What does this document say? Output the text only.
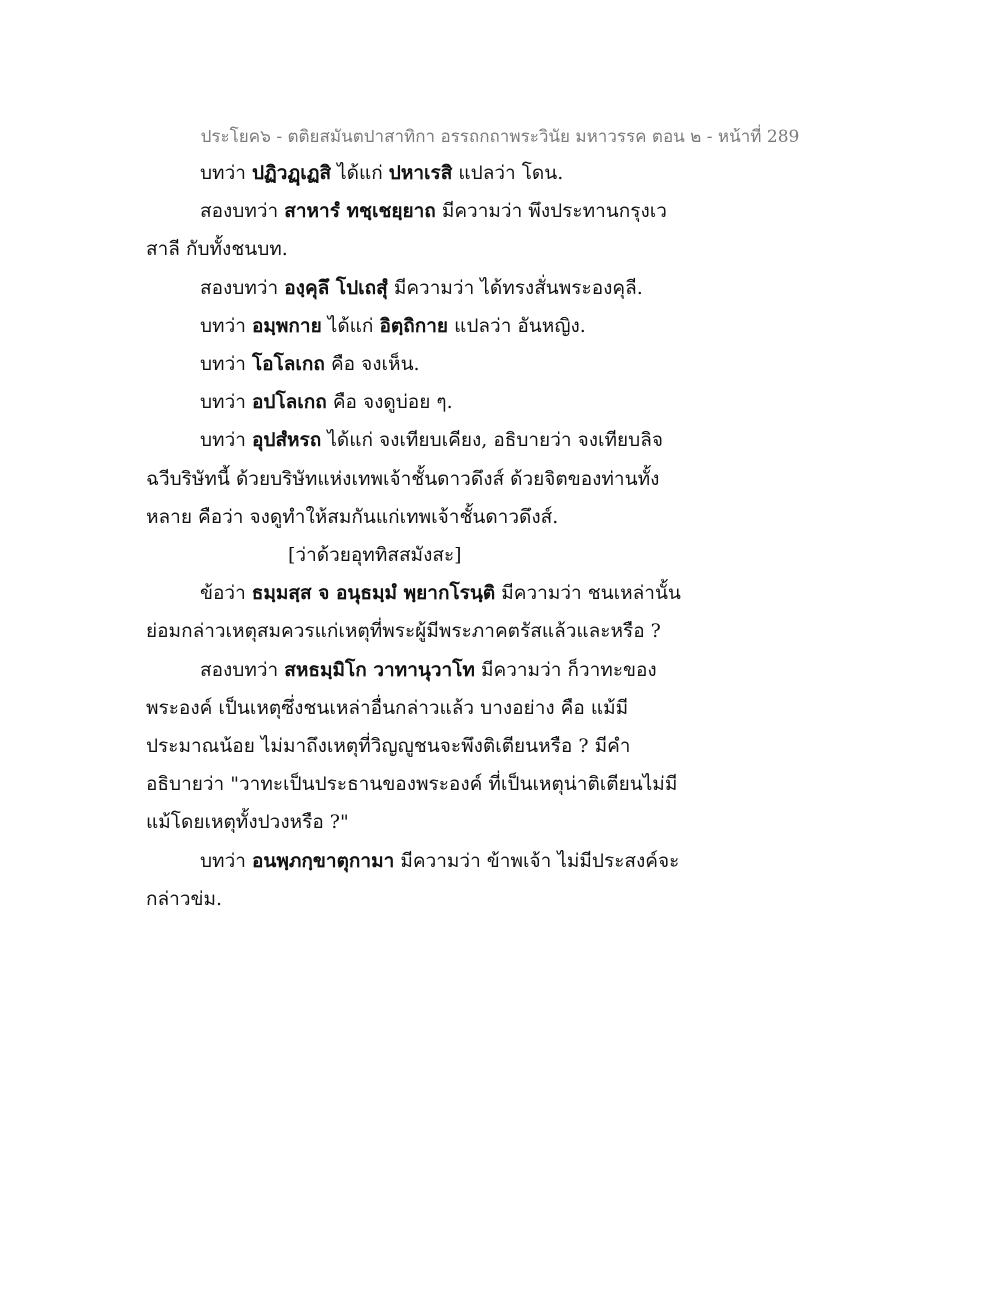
ประโยค๖ - ตติยสมันตปาสาทิกา อรรถกถาพระวินัย มหาวรรค ตอน ๒ - หน้าที่ 289

บทว่า ปฏิวฏฺเฏสิ ได้แก่ ปหาเรสิ แปลว่า โดน.

สองบทว่า สาหารํ ทชฺเชยฺยาถ มีความว่า พึงประทานกรุงเวสาลี กับทั้งชนบท.

สองบทว่า องฺคุลึ โปเถสุํ มีความว่า ได้ทรงสั่นพระองคุลี.

บทว่า อมฺพกาย ได้แก่ อิตฺถิกาย แปลว่า อันหญิง.

บทว่า โอโลเกถ คือ จงเห็น.

บทว่า อปโลเกถ คือ จงดูบ่อย ๆ.

บทว่า อุปสํหรถ ได้แก่ จงเทียบเคียง, อธิบายว่า จงเทียบลิจฉวีบริษัทนี้ ด้วยบริษัทแห่งเทพเจ้าชั้นดาวดึงส์ ด้วยจิตของท่านทั้งหลาย คือว่า จงดูทำให้สมกันแก่เทพเจ้าชั้นดาวดึงส์.

[ว่าด้วยอุททิสสมังสะ]

ข้อว่า ธมฺมสฺส จ อนุธมฺมํ พฺยากโรนฺติ มีความว่า ชนเหล่านั้น ย่อมกล่าวเหตุสมควรแก่เหตุที่พระผู้มีพระภาคตรัสแล้วและหรือ ?

สองบทว่า สหธมฺมิโก วาทานุวาโท มีความว่า ก็วาทะของพระองค์ เป็นเหตุซึ่งชนเหล่าอื่นกล่าวแล้ว บางอย่าง คือ แม้มีประมาณน้อย ไม่มาถึงเหตุที่วิญญูชนจะพึงติเตียนหรือ ? มีคำอธิบายว่า "วาทะเป็นประธานของพระองค์ ที่เป็นเหตุน่าติเตียนไม่มี แม้โดยเหตุทั้งปวงหรือ ?"

บทว่า อนพฺภกฺขาตุกามา มีความว่า ข้าพเจ้า ไม่มีประสงค์จะกล่าวข่ม.
